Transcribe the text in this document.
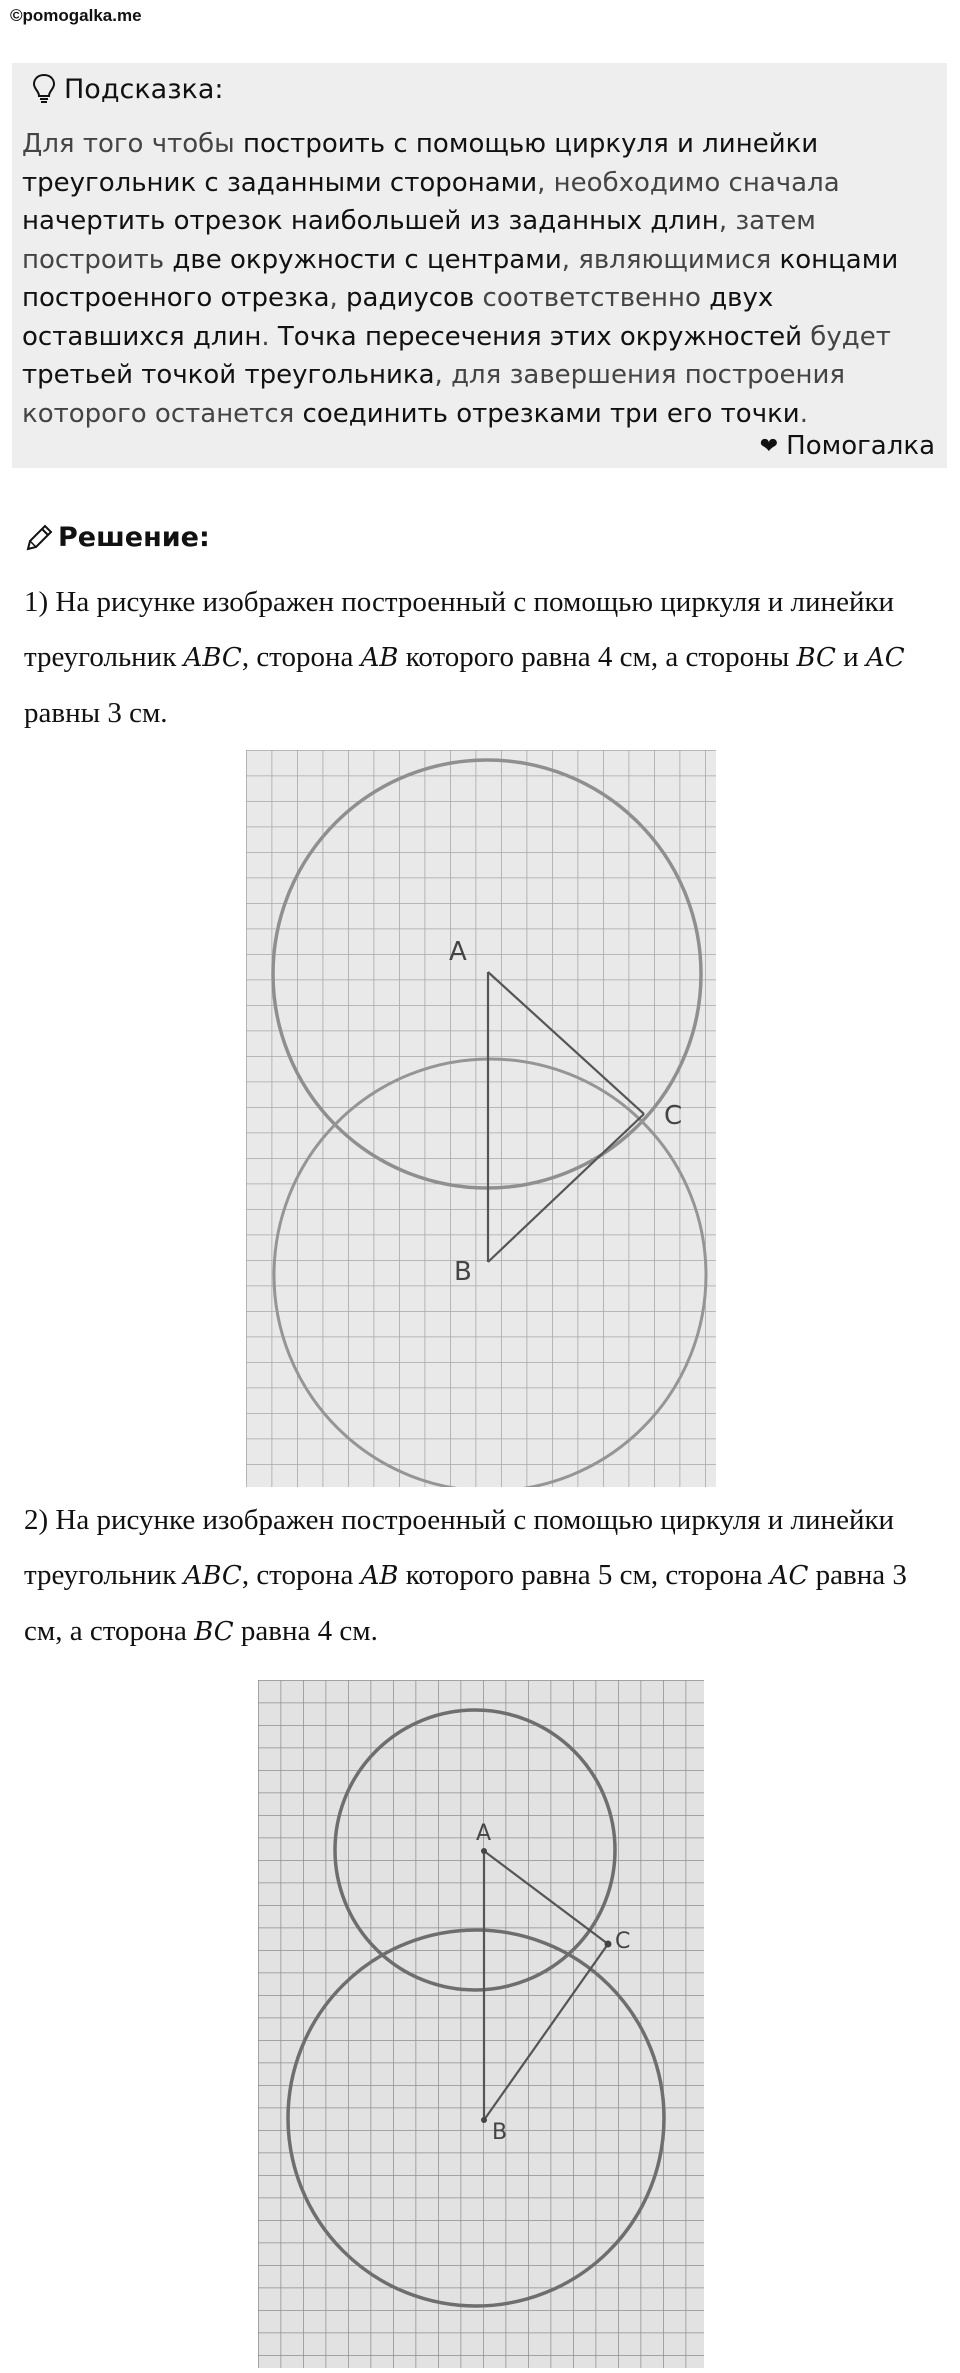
©pomogalka.me
Подсказка:
Для того чтобы построить с помощью циркуля и линейки треугольник с заданными сторонами, необходимо сначала начертить отрезок наибольшей из заданных длин, затем построить две окружности с центрами, являющимися концами построенного отрезка, радиусов соответственно двух оставшихся длин. Точка пересечения этих окружностей будет третьей точкой треугольника, для завершения построения которого останется соединить отрезками три его точки.
❤ Помогалка
Решение:
1) На рисунке изображен построенный с помощью циркуля и линейки треугольник ABC, сторона AB которого равна 4 см, а стороны BC и AC равны 3 см.
A
B
C
2) На рисунке изображен построенный с помощью циркуля и линейки треугольник ABC, сторона AB которого равна 5 см, сторона AC равна 3 см, а сторона BC равна 4 см.
A
B
C
